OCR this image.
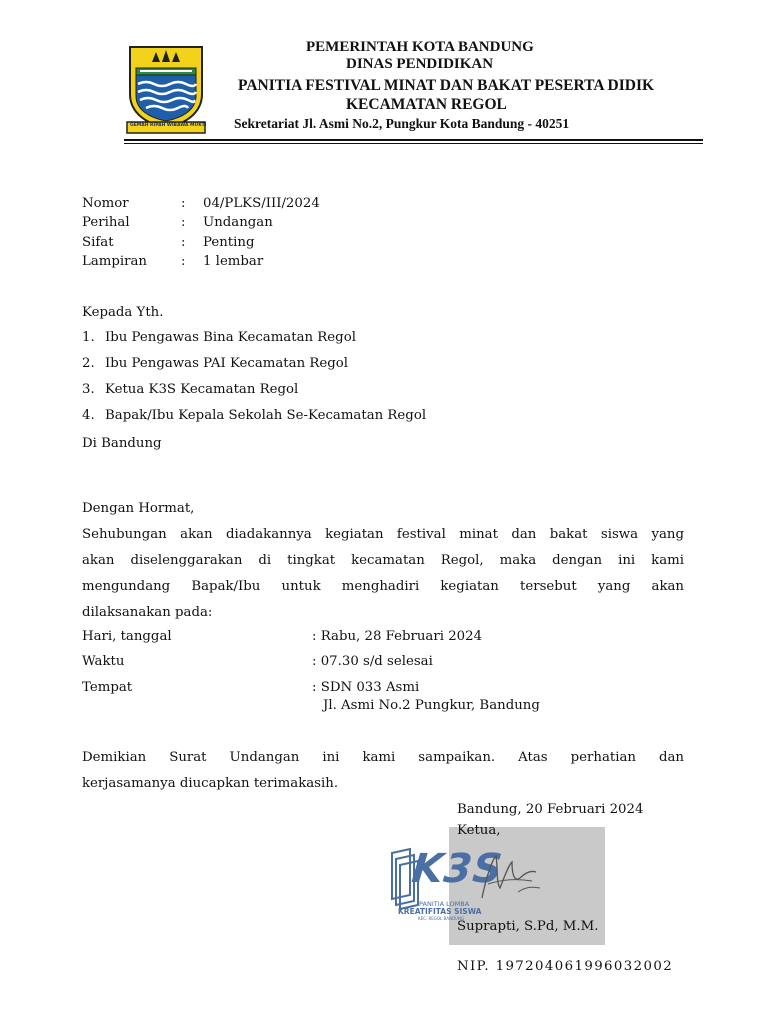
GEMAH RIPAH WIBAWA MUKTI
PEMERINTAH KOTA BANDUNG
DINAS PENDIDIKAN
PANITIA FESTIVAL MINAT DAN BAKAT PESERTA DIDIK
KECAMATAN REGOL
Sekretariat Jl. Asmi No.2, Pungkur Kota Bandung - 40251
Nomor	: 04/PLKS/III/2024
Perihal	: Undangan
Sifat	: Penting
Lampiran	: 1 lembar
Kepada Yth.
1. Ibu Pengawas Bina Kecamatan Regol
2. Ibu Pengawas PAI Kecamatan Regol
3. Ketua K3S Kecamatan Regol
4. Bapak/Ibu Kepala Sekolah Se-Kecamatan Regol
Di Bandung
Dengan Hormat,
Sehubungan akan diadakannya kegiatan festival minat dan bakat siswa yang
akan diselenggarakan di tingkat kecamatan Regol, maka dengan ini kami
mengundang Bapak/Ibu untuk menghadiri kegiatan tersebut yang akan
dilaksanakan pada:
Hari, tanggal	: Rabu, 28 Februari 2024
Waktu	: 07.30 s/d selesai
Tempat	: SDN 033 Asmi
Jl. Asmi No.2 Pungkur, Bandung
Demikian Surat Undangan ini kami sampaikan. Atas perhatian dan
kerjasamanya diucapkan terimakasih.
K3S
PANITIA LOMBA
KREATIFITAS SISWA
KEC. REGOL BANDUNG
Bandung, 20 Februari 2024
Ketua,
Suprapti, S.Pd, M.M.
NIP. 197204061996032002
